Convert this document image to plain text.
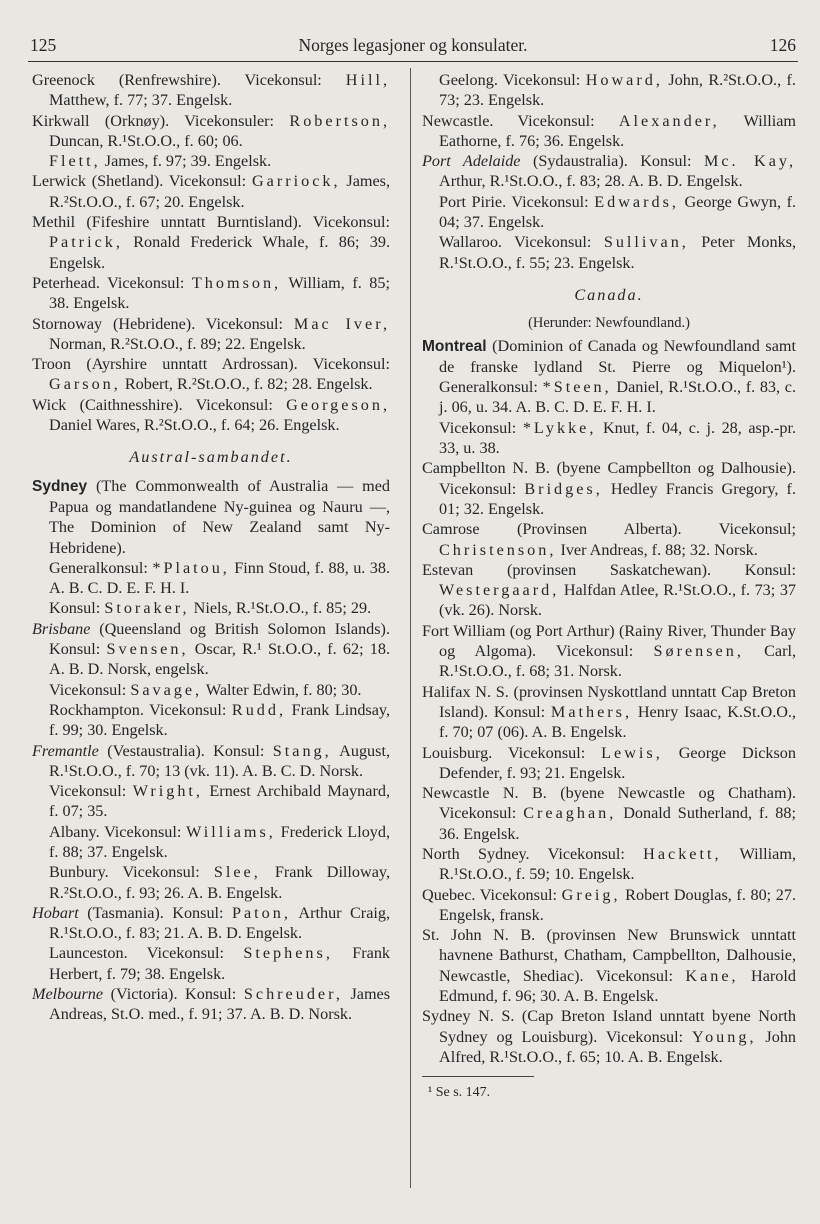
125	Norges legasjoner og konsulater.	126

Greenock (Renfrewshire). Vicekonsul: Hill, Matthew, f. 77; 37. Engelsk.

Kirkwall (Orknøy). Vicekonsuler: Robertson, Duncan, R.¹St.O.O., f. 60; 06.

Flett, James, f. 97; 39. Engelsk.

Lerwick (Shetland). Vicekonsul: Garriock, James, R.²St.O.O., f. 67; 20. Engelsk.

Methil (Fifeshire unntatt Burntisland). Vicekonsul: Patrick, Ronald Frederick Whale, f. 86; 39. Engelsk.

Peterhead. Vicekonsul: Thomson, William, f. 85; 38. Engelsk.

Stornoway (Hebridene). Vicekonsul: Mac Iver, Norman, R.²St.O.O., f. 89; 22. Engelsk.

Troon (Ayrshire unntatt Ardrossan). Vicekonsul: Garson, Robert, R.²St.O.O., f. 82; 28. Engelsk.

Wick (Caithnesshire). Vicekonsul: Georgeson, Daniel Wares, R.²St.O.O., f. 64; 26. Engelsk.

Austral-sambandet.

Sydney (The Commonwealth of Australia — med Papua og mandatlandene Ny-guinea og Nauru —, The Dominion of New Zealand samt Ny-Hebridene).

Generalkonsul: *Platou, Finn Stoud, f. 88, u. 38. A. B. C. D. E. F. H. I.

Konsul: Storaker, Niels, R.¹St.O.O., f. 85; 29.

Brisbane (Queensland og British Solomon Islands). Konsul: Svensen, Oscar, R.¹ St.O.O., f. 62; 18. A. B. D. Norsk, engelsk.

Vicekonsul: Savage, Walter Edwin, f. 80; 30.

Rockhampton. Vicekonsul: Rudd, Frank Lindsay, f. 99; 30. Engelsk.

Fremantle (Vestaustralia). Konsul: Stang, August, R.¹St.O.O., f. 70; 13 (vk. 11). A. B. C. D. Norsk.

Vicekonsul: Wright, Ernest Archibald Maynard, f. 07; 35.

Albany. Vicekonsul: Williams, Frederick Lloyd, f. 88; 37. Engelsk.

Bunbury. Vicekonsul: Slee, Frank Dilloway, R.²St.O.O., f. 93; 26. A. B. Engelsk.

Hobart (Tasmania). Konsul: Paton, Arthur Craig, R.¹St.O.O., f. 83; 21. A. B. D. Engelsk.

Launceston. Vicekonsul: Stephens, Frank Herbert, f. 79; 38. Engelsk.

Melbourne (Victoria). Konsul: Schreuder, James Andreas, St.O. med., f. 91; 37. A. B. D. Norsk.

Geelong. Vicekonsul: Howard, John, R.²St.O.O., f. 73; 23. Engelsk.

Newcastle. Vicekonsul: Alexander, William Eathorne, f. 76; 36. Engelsk.

Port Adelaide (Sydaustralia). Konsul: Mc. Kay, Arthur, R.¹St.O.O., f. 83; 28. A. B. D. Engelsk.

Port Pirie. Vicekonsul: Edwards, George Gwyn, f. 04; 37. Engelsk.

Wallaroo. Vicekonsul: Sullivan, Peter Monks, R.¹St.O.O., f. 55; 23. Engelsk.

Canada.

(Herunder: Newfoundland.)

Montreal (Dominion of Canada og Newfoundland samt de franske lydland St. Pierre og Miquelon¹). Generalkonsul: *Steen, Daniel, R.¹St.O.O., f. 83, c. j. 06, u. 34. A. B. C. D. E. F. H. I.

Vicekonsul: *Lykke, Knut, f. 04, c. j. 28, asp.-pr. 33, u. 38.

Campbellton N. B. (byene Campbellton og Dalhousie). Vicekonsul: Bridges, Hedley Francis Gregory, f. 01; 32. Engelsk.

Camrose (Provinsen Alberta). Vicekonsul; Christenson, Iver Andreas, f. 88; 32. Norsk.

Estevan (provinsen Saskatchewan). Konsul: Westergaard, Halfdan Atlee, R.¹St.O.O., f. 73; 37 (vk. 26). Norsk.

Fort William (og Port Arthur) (Rainy River, Thunder Bay og Algoma). Vicekonsul: Sørensen, Carl, R.¹St.O.O., f. 68; 31. Norsk.

Halifax N. S. (provinsen Nyskottland unntatt Cap Breton Island). Konsul: Mathers, Henry Isaac, K.St.O.O., f. 70; 07 (06). A. B. Engelsk.

Louisburg. Vicekonsul: Lewis, George Dickson Defender, f. 93; 21. Engelsk.

Newcastle N. B. (byene Newcastle og Chatham). Vicekonsul: Creaghan, Donald Sutherland, f. 88; 36. Engelsk.

North Sydney. Vicekonsul: Hackett, William, R.¹St.O.O., f. 59; 10. Engelsk.

Quebec. Vicekonsul: Greig, Robert Douglas, f. 80; 27. Engelsk, fransk.

St. John N. B. (provinsen New Brunswick unntatt havnene Bathurst, Chatham, Campbellton, Dalhousie, Newcastle, Shediac). Vicekonsul: Kane, Harold Edmund, f. 96; 30. A. B. Engelsk.

Sydney N. S. (Cap Breton Island unntatt byene North Sydney og Louisburg). Vicekonsul: Young, John Alfred, R.¹St.O.O., f. 65; 10. A. B. Engelsk.

¹ Se s. 147.
